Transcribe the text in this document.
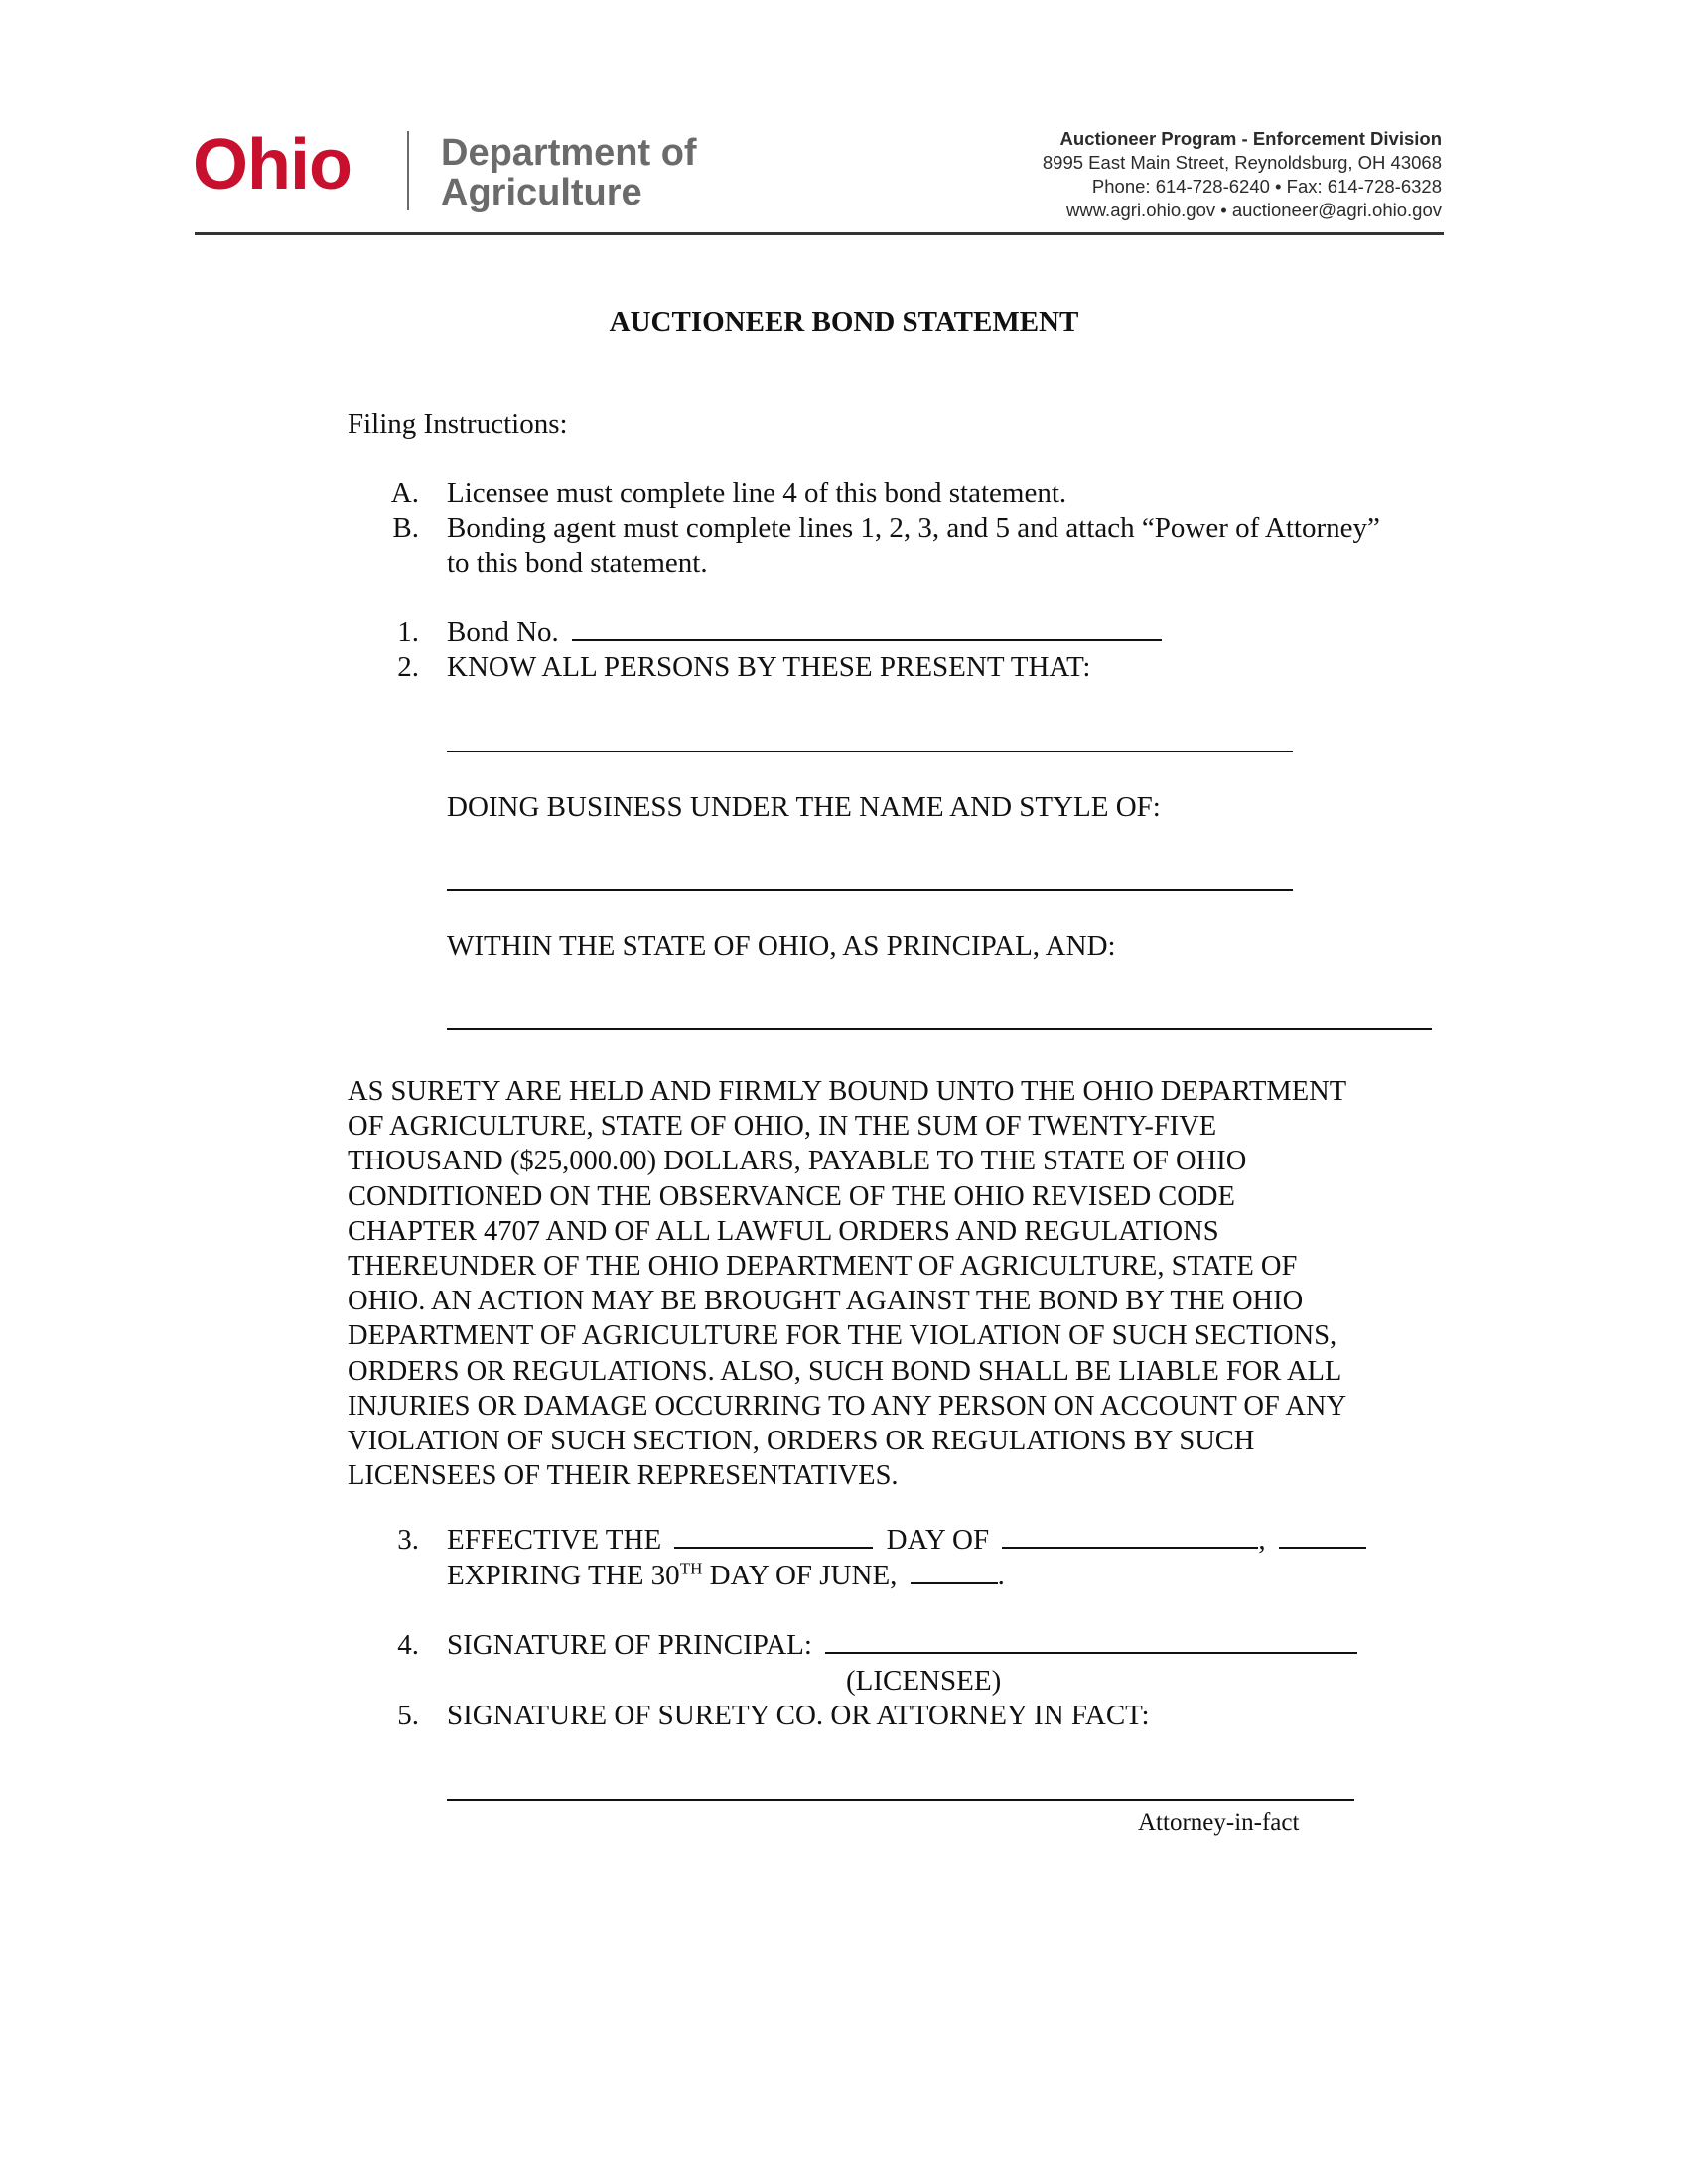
Ohio Department of
Agriculture
Auctioneer Program - Enforcement Division
8995 East Main Street, Reynoldsburg, OH 43068
Phone: 614-728-6240 • Fax: 614-728-6328
www.agri.ohio.gov • auctioneer@agri.ohio.gov
AUCTIONEER BOND STATEMENT
Filing Instructions:
A. Licensee must complete line 4 of this bond statement.
B. Bonding agent must complete lines 1, 2, 3, and 5 and attach “Power of Attorney”
to this bond statement.
1. Bond No.
2. KNOW ALL PERSONS BY THESE PRESENT THAT:
DOING BUSINESS UNDER THE NAME AND STYLE OF:
WITHIN THE STATE OF OHIO, AS PRINCIPAL, AND:
AS SURETY ARE HELD AND FIRMLY BOUND UNTO THE OHIO DEPARTMENT
OF AGRICULTURE, STATE OF OHIO, IN THE SUM OF TWENTY-FIVE
THOUSAND ($25,000.00) DOLLARS, PAYABLE TO THE STATE OF OHIO
CONDITIONED ON THE OBSERVANCE OF THE OHIO REVISED CODE
CHAPTER 4707 AND OF ALL LAWFUL ORDERS AND REGULATIONS
THEREUNDER OF THE OHIO DEPARTMENT OF AGRICULTURE, STATE OF
OHIO. AN ACTION MAY BE BROUGHT AGAINST THE BOND BY THE OHIO
DEPARTMENT OF AGRICULTURE FOR THE VIOLATION OF SUCH SECTIONS,
ORDERS OR REGULATIONS. ALSO, SUCH BOND SHALL BE LIABLE FOR ALL
INJURIES OR DAMAGE OCCURRING TO ANY PERSON ON ACCOUNT OF ANY
VIOLATION OF SUCH SECTION, ORDERS OR REGULATIONS BY SUCH
LICENSEES OF THEIR REPRESENTATIVES.
3. EFFECTIVE THE	DAY OF	,
EXPIRING THE 30TH DAY OF JUNE,	.
4. SIGNATURE OF PRINCIPAL:
(LICENSEE)
5. SIGNATURE OF SURETY CO. OR ATTORNEY IN FACT:
Attorney-in-fact
